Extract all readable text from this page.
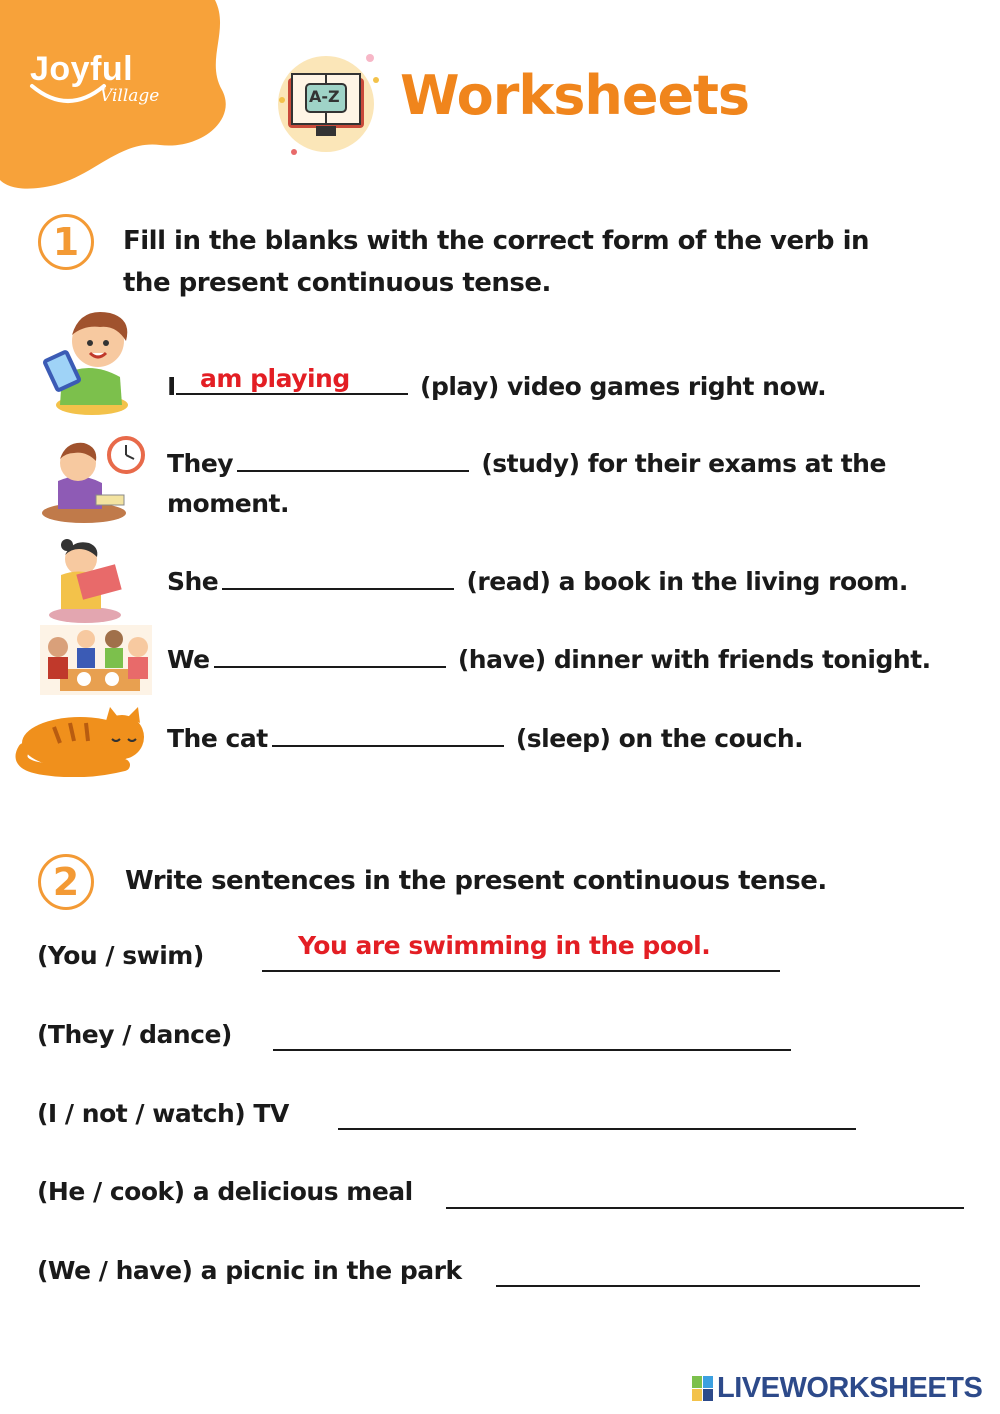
Joyful
Village	A-Z Worksheets
1	Fill in the blanks with the correct form of the verb in
the present continuous tense.
I	(play) video games right now.
am playing
They	(study) for their exams at the
moment.
She	(read) a book in the living room.
We	(have) dinner with friends tonight.
The cat	(sleep) on the couch.
2	Write sentences in the present continuous tense.
(You / swim)	You are swimming in the pool.
(They / dance)
(I / not / watch) TV
(He / cook) a delicious meal
(We / have) a picnic in the park
LIVEWORKSHEETS
